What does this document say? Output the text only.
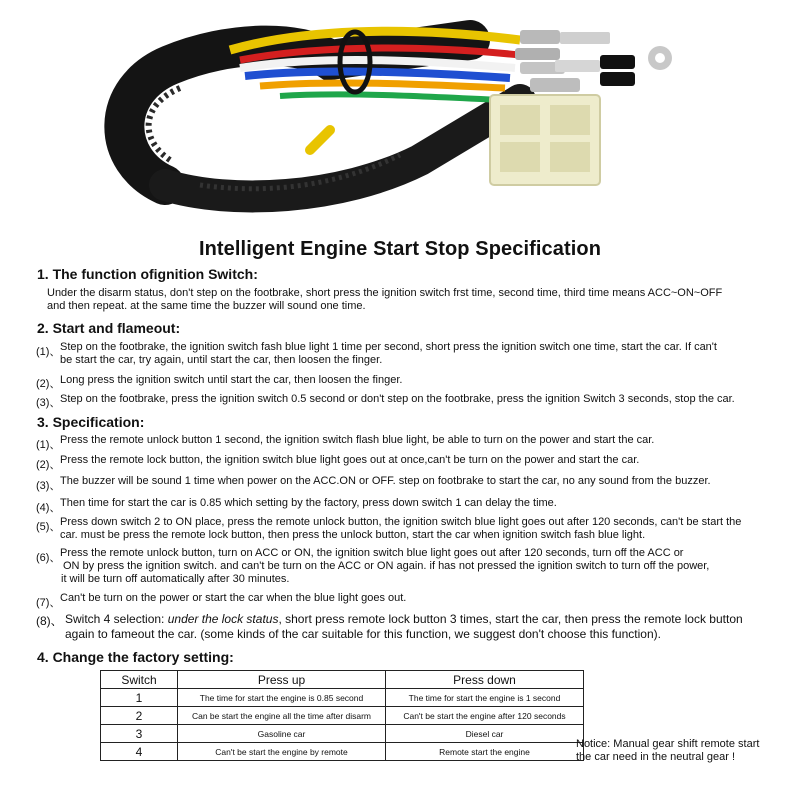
Intelligent Engine Start Stop Specification
1. The function ofignition Switch:
Under the disarm status, don't step on the footbrake, short press the ignition switch frst time, second time, third time means ACC~ON~OFF
and then repeat. at the same time the buzzer will sound one time.
2. Start and flameout:
(1)、 Step on the footbrake, the ignition switch fash blue light 1 time per second, short press the ignition switch one time, start the car. If can't
be start the car, try again, until start the car, then loosen the finger.
(2)、 Long press the ignition switch until start the car, then loosen the finger.
(3)、 Step on the footbrake, press the ignition switch 0.5 second or don't step on the footbrake, press the ignition Switch 3 seconds, stop the car.
3. Specification:
(1)、 Press the remote unlock button 1 second, the ignition switch flash blue light, be able to turn on the power and start the car.
(2)、 Press the remote lock button, the ignition switch blue light goes out at once,can't be turn on the power and start the car.
(3)、 The buzzer will be sound 1 time when power on the ACC.ON or OFF. step on footbrake to start the car, no any sound from the buzzer.
(4)、 Then time for start the car is 0.85 which setting by the factory, press down switch 1 can delay the time.
(5)、 Press down switch 2 to ON place, press the remote unlock button, the ignition switch blue light goes out after 120 seconds, can't be start the
car. must be press the remote lock button, then press the unlock button, start the car when ignition switch fash blue light.
(6)、 Press the remote unlock button, turn on ACC or ON, the ignition switch blue light goes out after 120 seconds, turn off the ACC or
ON by press the ignition switch. and can't be turn on the ACC or ON again. if has not pressed the ignition switch to turn off the power,
it will be turn off automatically after 30 minutes.
(7)、 Can't be turn on the power or start the car when the blue light goes out.
(8)、 Switch 4 selection: under the lock status, short press remote lock button 3 times, start the car, then press the remote lock button
again to fameout the car. (some kinds of the car suitable for this function, we suggest don't choose this function).
4. Change the factory setting:
Switch	Press up	Press down
1	The time for start the engine is 0.85 second	The time for start the engine is 1 second
2	Can be start the engine all the time after disarm	Can't be start the engine after 120 seconds
3	Gasoline car	Diesel car
4	Can't be start the engine by remote	Remote start the engine
Notice: Manual gear shift remote start
the car need in the neutral gear !
